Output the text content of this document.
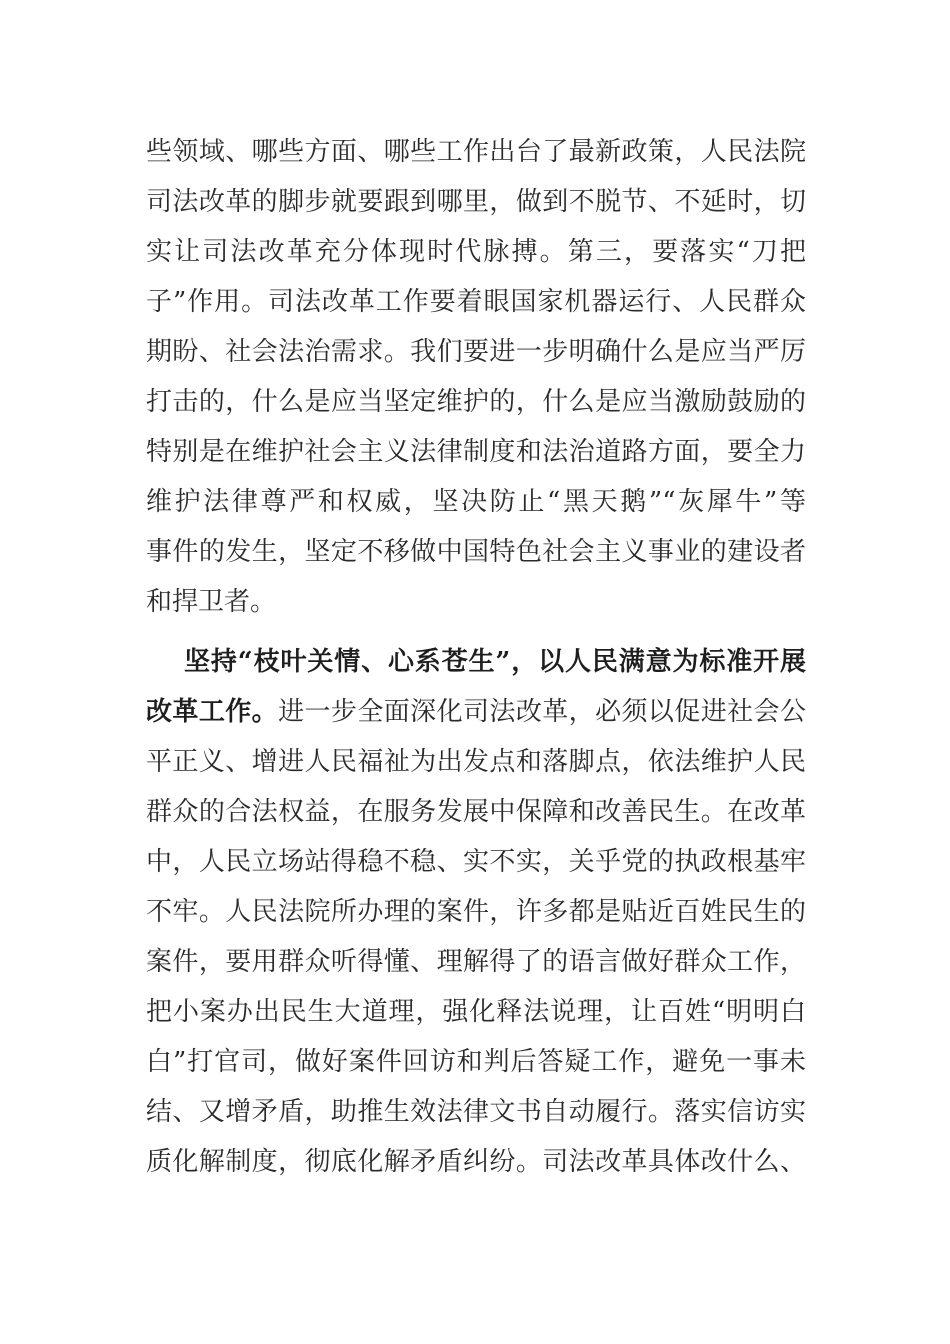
些领域、哪些方面、哪些工作出台了最新政策，人民法院
司法改革的脚步就要跟到哪里，做到不脱节、不延时，切
实让司法改革充分体现时代脉搏。第三，要落实“刀把
子”作用。司法改革工作要着眼国家机器运行、人民群众
期盼、社会法治需求。我们要进一步明确什么是应当严厉
打击的，什么是应当坚定维护的，什么是应当激励鼓励的
特别是在维护社会主义法律制度和法治道路方面，要全力
维护法律尊严和权威，坚决防止“黑天鹅”“灰犀牛”等
事件的发生，坚定不移做中国特色社会主义事业的建设者
和捍卫者。
坚持“枝叶关情、心系苍生”，以人民满意为标准开展
改革工作。进一步全面深化司法改革，必须以促进社会公
平正义、增进人民福祉为出发点和落脚点，依法维护人民
群众的合法权益，在服务发展中保障和改善民生。在改革
中，人民立场站得稳不稳、实不实，关乎党的执政根基牢
不牢。人民法院所办理的案件，许多都是贴近百姓民生的
案件，要用群众听得懂、理解得了的语言做好群众工作，
把小案办出民生大道理，强化释法说理，让百姓“明明白
白”打官司，做好案件回访和判后答疑工作，避免一事未
结、又增矛盾，助推生效法律文书自动履行。落实信访实
质化解制度，彻底化解矛盾纠纷。司法改革具体改什么、
